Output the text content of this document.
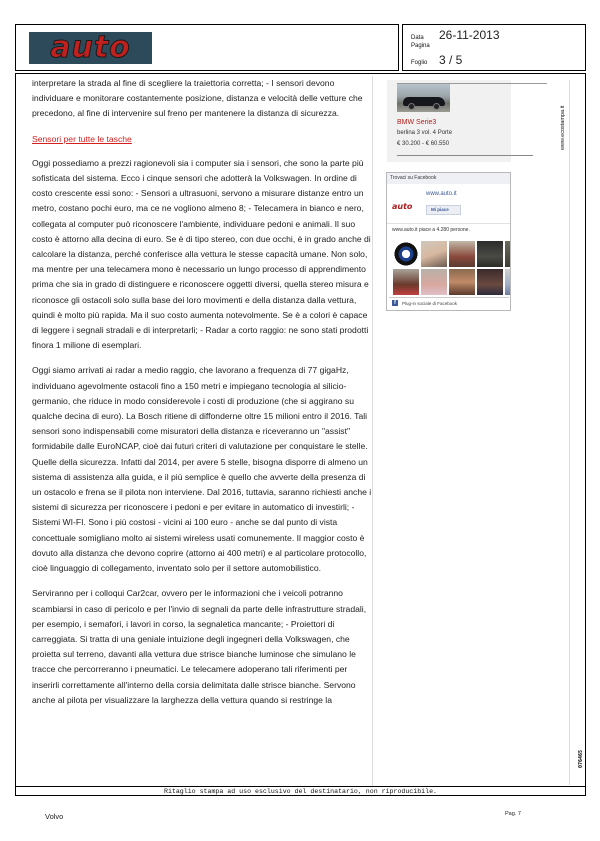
auto	Data	26-11-2013
Pagina
Foglio 3 / 5

interpretare la strada al fine di scegliere la traiettoria corretta; - I sensori devono individuare e monitorare costantemente posizione, distanza e velocità delle vetture che precedono, al fine di intervenire sul freno per mantenere la distanza di sicurezza.

Sensori per tutte le tasche

Oggi possediamo a prezzi ragionevoli sia i computer sia i sensori, che sono la parte più sofisticata del sistema. Ecco i cinque sensori che adotterà la Volkswagen. In ordine di costo crescente essi sono: - Sensori a ultrasuoni, servono a misurare distanze entro un metro, costano pochi euro, ma ce ne vogliono almeno 8; - Telecamera in bianco e nero, collegata al computer può riconoscere l'ambiente, individuare pedoni e animali. Il suo costo è attorno alla decina di euro. Se è di tipo stereo, con due occhi, è in grado anche di calcolare la distanza, perché conferisce alla vettura le stesse capacità umane. Non solo, ma mentre per una telecamera mono è necessario un lungo processo di apprendimento prima che sia in grado di distinguere e riconoscere oggetti diversi, quella stereo misura e riconosce gli ostacoli solo sulla base dei loro movimenti e della distanza dalla vettura, quindi è molto più rapida. Ma il suo costo aumenta notevolmente. Se è a colori è capace di leggere i segnali stradali e di interpretarli; - Radar a corto raggio: ne sono stati prodotti finora 1 milione di esemplari.

Oggi siamo arrivati ai radar a medio raggio, che lavorano a frequenza di 77 gigaHz, individuano agevolmente ostacoli fino a 150 metri e impiegano tecnologia al silicio-germanio, che riduce in modo considerevole i costi di produzione (che si aggirano su qualche decina di euro). La Bosch ritiene di diffonderne oltre 15 milioni entro il 2016. Tali sensori sono indispensabili come misuratori della distanza e riceveranno un "assist" formidabile dalle EuroNCAP, cioè dai futuri criteri di valutazione per conquistare le stelle. Quelle della sicurezza. Infatti dal 2014, per avere 5 stelle, bisogna disporre di almeno un sistema di assistenza alla guida, e il più semplice è quello che avverte della presenza di un ostacolo e frena se il pilota non interviene. Dal 2016, tuttavia, saranno richiesti anche i sistemi di sicurezza per riconoscere i pedoni e per evitare in automatico di investirli; - Sistemi WI-FI. Sono i più costosi - vicini ai 100 euro - anche se dal punto di vista concettuale somigliano molto ai sistemi wireless usati comunemente. Il maggior costo è dovuto alla distanza che devono coprire (attorno ai 400 metri) e al particolare protocollo, cioè linguaggio di collegamento, inventato solo per il settore automobilistico.

Serviranno per i colloqui Car2car, ovvero per le informazioni che i veicoli potranno scambiarsi in caso di pericolo e per l'invio di segnali da parte delle infrastrutture stradali, per esempio, i semafori, i lavori in corso, la segnaletica mancante; - Proiettori di carreggiata. Si tratta di una geniale intuizione degli ingegneri della Volkswagen, che proietta sul terreno, davanti alla vettura due strisce bianche luminose che simulano le tracce che percorreranno i pneumatici. Le telecamere adoperano tali riferimenti per inserirli correttamente all'interno della corsia delimitata dalle strisce bianche. Servono anche al pilota per visualizzare la larghezza della vettura quando si restringe la

BMW Serie3
berlina 3 vol. 4 Porte
€ 30.200 - € 60.550
Trovaci su Facebook
www.auto.it
auto	Mi piace
www.auto.it piace a 4.280 persone.
f	Plug-in sociale di Facebook
www.ecostampa.it
076465
Ritaglio stampa ad uso esclusivo del destinatario, non riproducibile.
Volvo	Pag. 7
